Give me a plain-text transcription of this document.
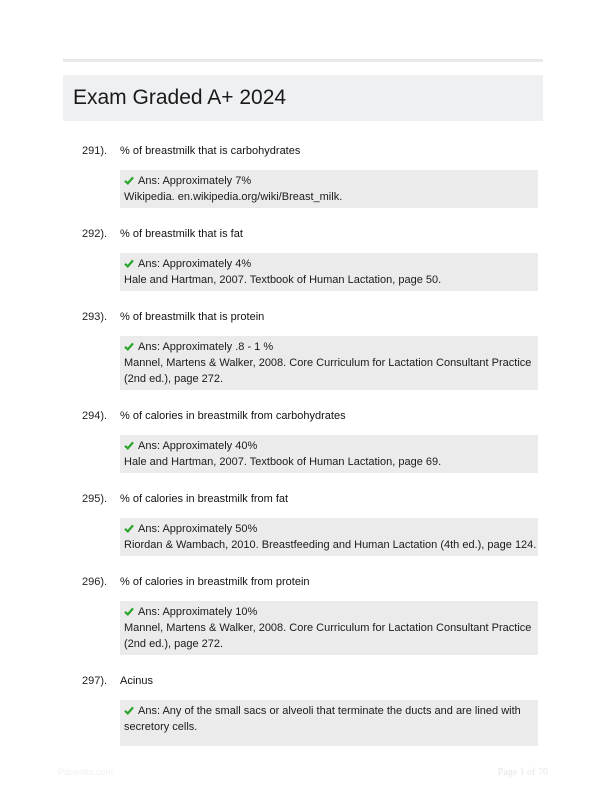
Exam Graded A+ 2024
291). % of breastmilk that is carbohydrates
Ans: Approximately 7%
Wikipedia. en.wikipedia.org/wiki/Breast_milk.
292). % of breastmilk that is fat
Ans: Approximately 4%
Hale and Hartman, 2007. Textbook of Human Lactation, page 50.
293). % of breastmilk that is protein
Ans: Approximately .8 - 1 %
Mannel, Martens & Walker, 2008. Core Curriculum for Lactation Consultant Practice (2nd ed.), page 272.
294). % of calories in breastmilk from carbohydrates
Ans: Approximately 40%
Hale and Hartman, 2007. Textbook of Human Lactation, page 69.
295). % of calories in breastmilk from fat
Ans: Approximately 50%
Riordan & Wambach, 2010. Breastfeeding and Human Lactation (4th ed.), page 124.
296). % of calories in breastmilk from protein
Ans: Approximately 10%
Mannel, Martens & Walker, 2008. Core Curriculum for Lactation Consultant Practice (2nd ed.), page 272.
297). Acinus
Ans: Any of the small sacs or alveoli that terminate the ducts and are lined with secretory cells.
Paperlibr.com	Page 1 of 70
